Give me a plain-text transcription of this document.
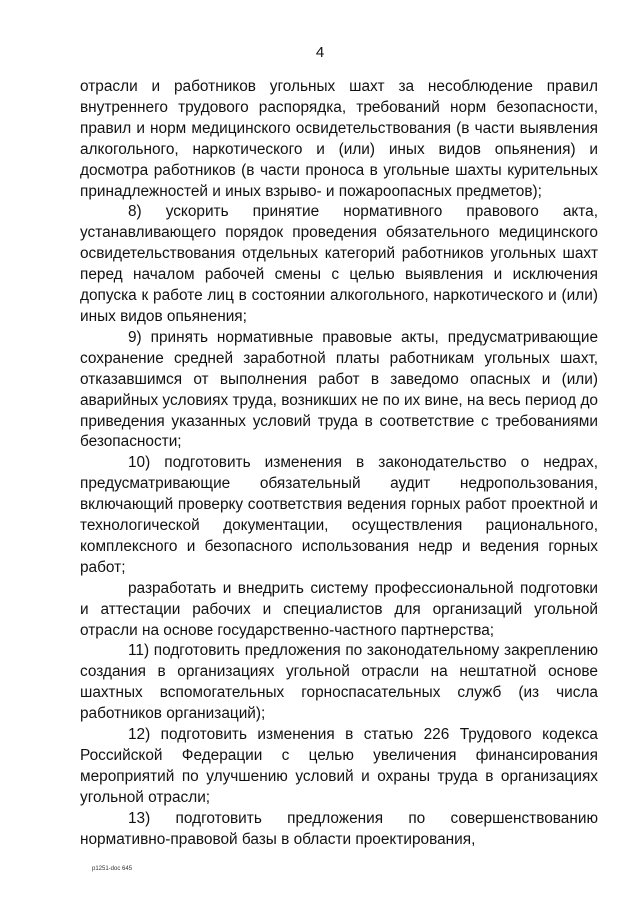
4

отрасли и работников угольных шахт за несоблюдение правил внутреннего трудового распорядка, требований норм безопасности, правил и норм медицинского освидетельствования (в части выявления алкогольного, наркотического и (или) иных видов опьянения) и досмотра работников (в части проноса в угольные шахты курительных принадлежностей и иных взрыво- и пожароопасных предметов);

8) ускорить принятие нормативного правового акта, устанавливающего порядок проведения обязательного медицинского освидетельствования отдельных категорий работников угольных шахт перед началом рабочей смены с целью выявления и исключения допуска к работе лиц в состоянии алкогольного, наркотического и (или) иных видов опьянения;

9) принять нормативные правовые акты, предусматривающие сохранение средней заработной платы работникам угольных шахт, отказавшимся от выполнения работ в заведомо опасных и (или) аварийных условиях труда, возникших не по их вине, на весь период до приведения указанных условий труда в соответствие с требованиями безопасности;

10) подготовить изменения в законодательство о недрах, предусматривающие обязательный аудит недропользования, включающий проверку соответствия ведения горных работ проектной и технологической документации, осуществления рационального, комплексного и безопасного использования недр и ведения горных работ;

разработать и внедрить систему профессиональной подготовки и аттестации рабочих и специалистов для организаций угольной отрасли на основе государственно-частного партнерства;

11) подготовить предложения по законодательному закреплению создания в организациях угольной отрасли на нештатной основе шахтных вспомогательных горноспасательных служб (из числа работников организаций);

12) подготовить изменения в статью 226 Трудового кодекса Российской Федерации с целью увеличения финансирования мероприятий по улучшению условий и охраны труда в организациях угольной отрасли;

13) подготовить предложения по совершенствованию нормативно-правовой базы в области проектирования,

p1251-doc 645
